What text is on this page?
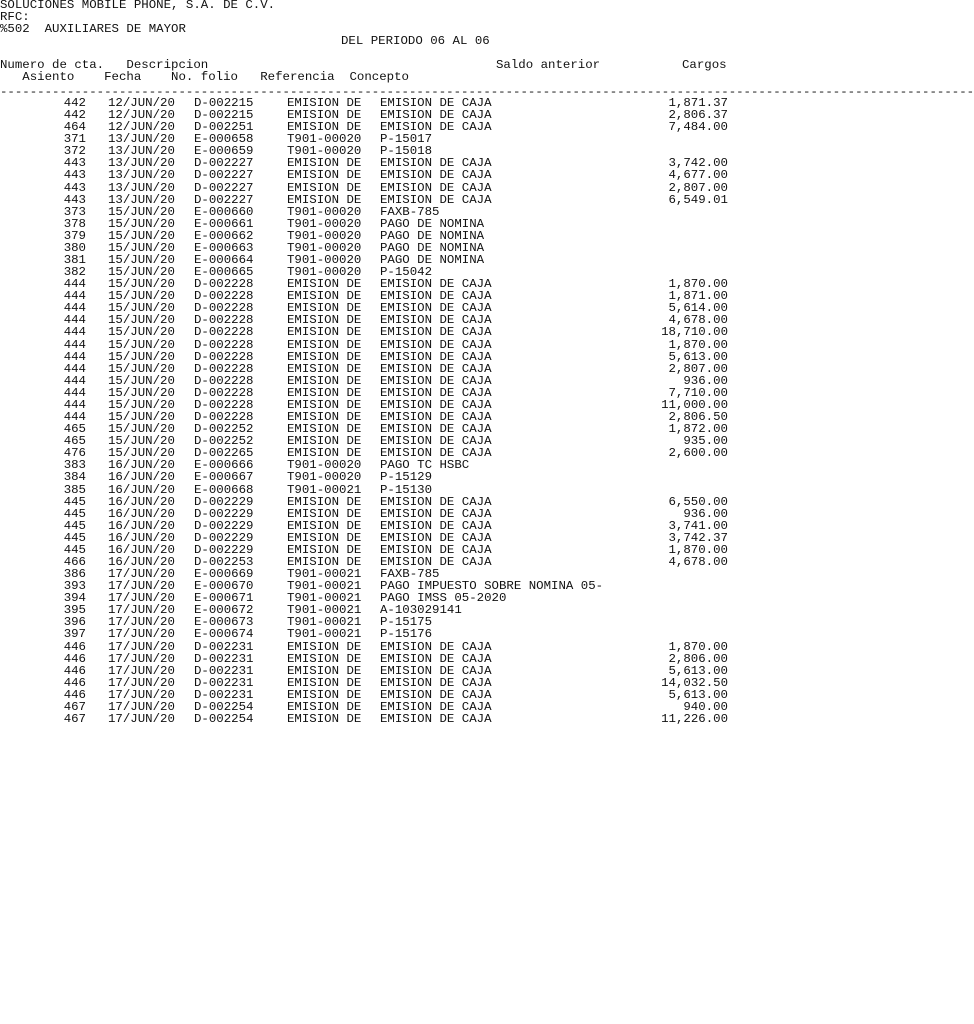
SOLUCIONES MOBILE PHONE, S.A. DE C.V.
RFC:
%502  AUXILIARES DE MAYOR
DEL PERIODO 06 AL 06
Numero de cta.   Descripcion	Saldo anterior	Cargos
Asiento    Fecha    No. folio   Referencia  Concepto
-----------------------------------------------------------------------------------------------------------------------------------
442 12/JUN/20 D-002215	EMISION DE EMISION DE CAJA	1,871.37
442 12/JUN/20 D-002215	EMISION DE EMISION DE CAJA	2,806.37
464 12/JUN/20 D-002251	EMISION DE EMISION DE CAJA	7,484.00
371 13/JUN/20 E-000658	T901-00020 P-15017
372 13/JUN/20 E-000659	T901-00020 P-15018
443 13/JUN/20 D-002227	EMISION DE EMISION DE CAJA	3,742.00
443 13/JUN/20 D-002227	EMISION DE EMISION DE CAJA	4,677.00
443 13/JUN/20 D-002227	EMISION DE EMISION DE CAJA	2,807.00
443 13/JUN/20 D-002227	EMISION DE EMISION DE CAJA	6,549.01
373 15/JUN/20 E-000660	T901-00020 FAXB-785
378 15/JUN/20 E-000661	T901-00020 PAGO DE NOMINA
379 15/JUN/20 E-000662	T901-00020 PAGO DE NOMINA
380 15/JUN/20 E-000663	T901-00020 PAGO DE NOMINA
381 15/JUN/20 E-000664	T901-00020 PAGO DE NOMINA
382 15/JUN/20 E-000665	T901-00020 P-15042
444 15/JUN/20 D-002228	EMISION DE EMISION DE CAJA	1,870.00
444 15/JUN/20 D-002228	EMISION DE EMISION DE CAJA	1,871.00
444 15/JUN/20 D-002228	EMISION DE EMISION DE CAJA	5,614.00
444 15/JUN/20 D-002228	EMISION DE EMISION DE CAJA	4,678.00
444 15/JUN/20 D-002228	EMISION DE EMISION DE CAJA	18,710.00
444 15/JUN/20 D-002228	EMISION DE EMISION DE CAJA	1,870.00
444 15/JUN/20 D-002228	EMISION DE EMISION DE CAJA	5,613.00
444 15/JUN/20 D-002228	EMISION DE EMISION DE CAJA	2,807.00
444 15/JUN/20 D-002228	EMISION DE EMISION DE CAJA	936.00
444 15/JUN/20 D-002228	EMISION DE EMISION DE CAJA	7,710.00
444 15/JUN/20 D-002228	EMISION DE EMISION DE CAJA	11,000.00
444 15/JUN/20 D-002228	EMISION DE EMISION DE CAJA	2,806.50
465 15/JUN/20 D-002252	EMISION DE EMISION DE CAJA	1,872.00
465 15/JUN/20 D-002252	EMISION DE EMISION DE CAJA	935.00
476 15/JUN/20 D-002265	EMISION DE EMISION DE CAJA	2,600.00
383 16/JUN/20 E-000666	T901-00020 PAGO TC HSBC
384 16/JUN/20 E-000667	T901-00020 P-15129
385 16/JUN/20 E-000668	T901-00021 P-15130
445 16/JUN/20 D-002229	EMISION DE EMISION DE CAJA	6,550.00
445 16/JUN/20 D-002229	EMISION DE EMISION DE CAJA	936.00
445 16/JUN/20 D-002229	EMISION DE EMISION DE CAJA	3,741.00
445 16/JUN/20 D-002229	EMISION DE EMISION DE CAJA	3,742.37
445 16/JUN/20 D-002229	EMISION DE EMISION DE CAJA	1,870.00
466 16/JUN/20 D-002253	EMISION DE EMISION DE CAJA	4,678.00
386 17/JUN/20 E-000669	T901-00021 FAXB-785
393 17/JUN/20 E-000670	T901-00021 PAGO IMPUESTO SOBRE NOMINA 05-
394 17/JUN/20 E-000671	T901-00021 PAGO IMSS 05-2020
395 17/JUN/20 E-000672	T901-00021 A-103029141
396 17/JUN/20 E-000673	T901-00021 P-15175
397 17/JUN/20 E-000674	T901-00021 P-15176
446 17/JUN/20 D-002231	EMISION DE EMISION DE CAJA	1,870.00
446 17/JUN/20 D-002231	EMISION DE EMISION DE CAJA	2,806.00
446 17/JUN/20 D-002231	EMISION DE EMISION DE CAJA	5,613.00
446 17/JUN/20 D-002231	EMISION DE EMISION DE CAJA	14,032.50
446 17/JUN/20 D-002231	EMISION DE EMISION DE CAJA	5,613.00
467 17/JUN/20 D-002254	EMISION DE EMISION DE CAJA	940.00
467 17/JUN/20 D-002254	EMISION DE EMISION DE CAJA	11,226.00
